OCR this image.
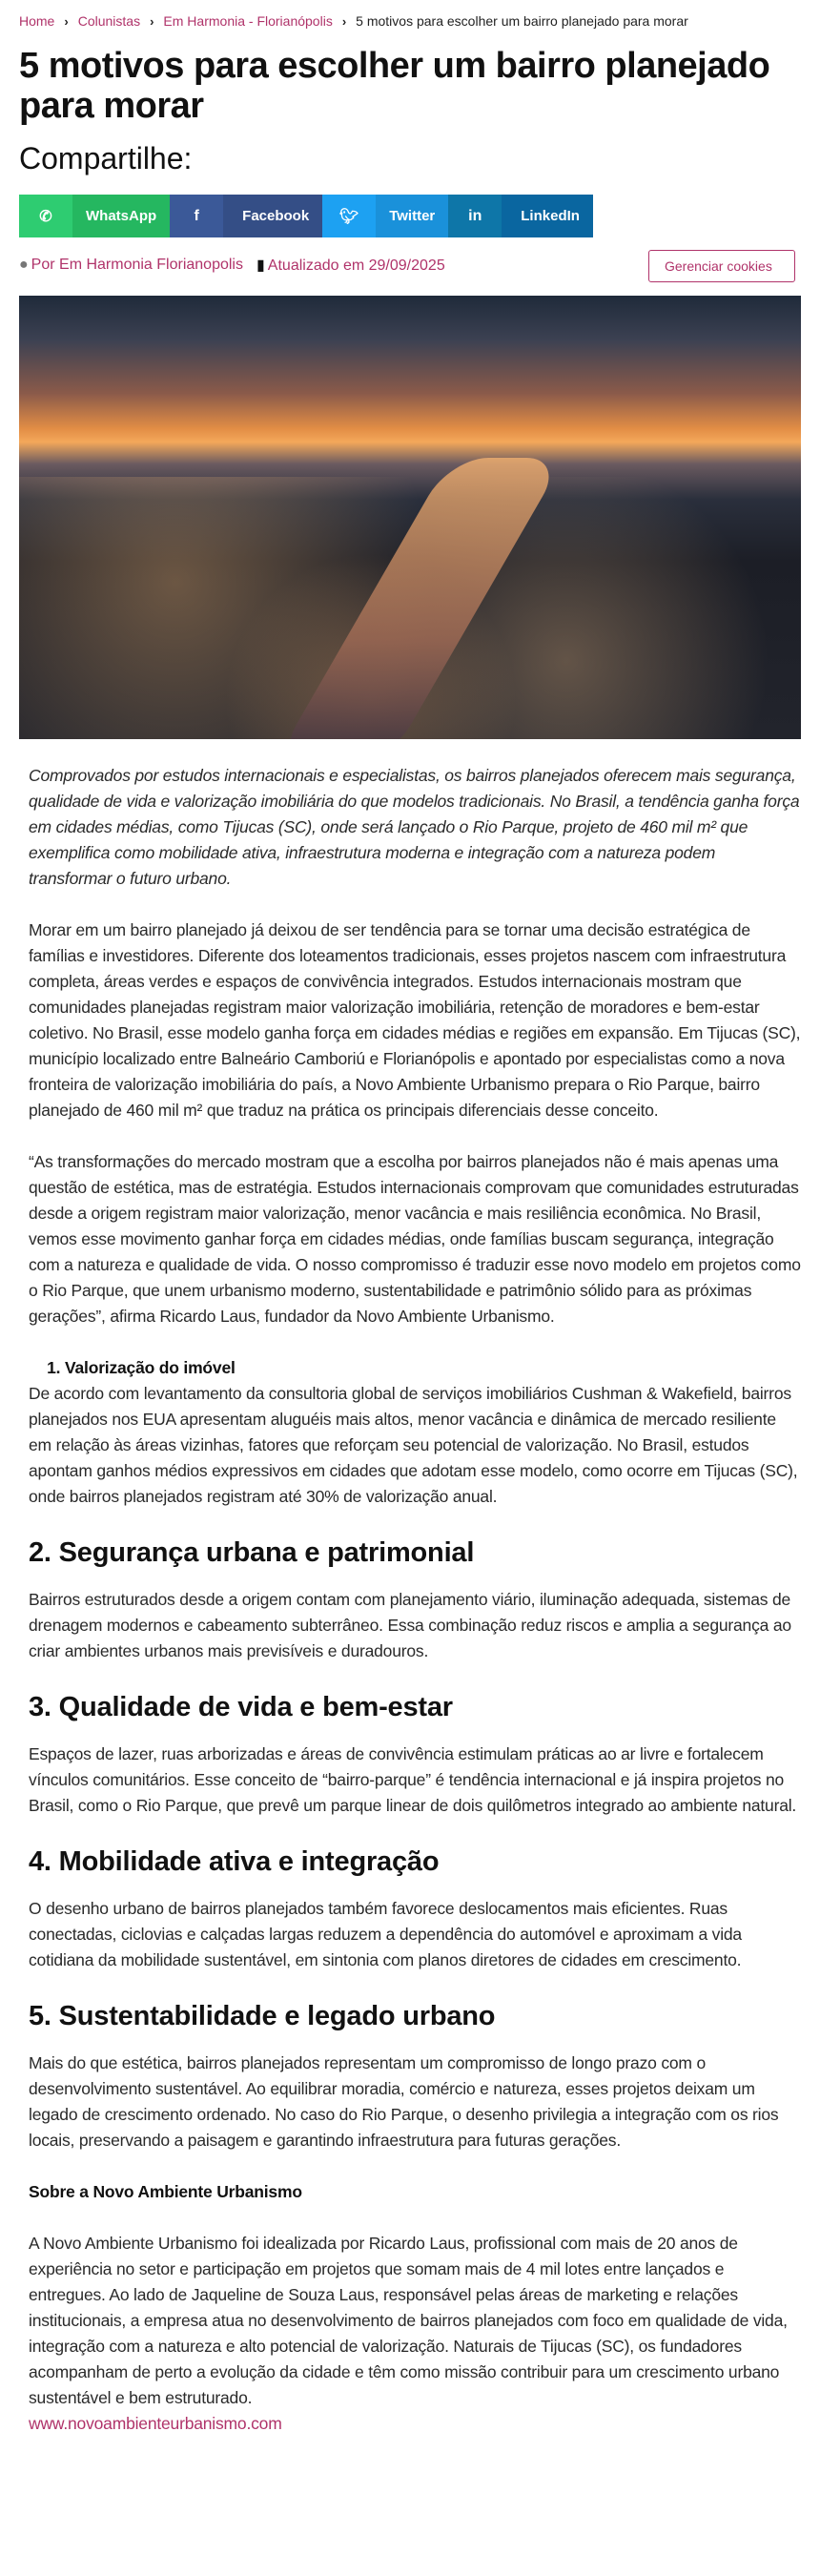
Home › Colunistas › Em Harmonia - Florianópolis › 5 motivos para escolher um bairro planejado para morar
5 motivos para escolher um bairro planejado para morar
Compartilhe:
✆	WhatsApp	f	Facebook	🐦︎	Twitter	in	LinkedIn
● Por Em Harmonia Florianopolis ▮ Atualizado em 29/09/2025	Gerenciar cookies

Comprovados por estudos internacionais e especialistas, os bairros planejados oferecem mais segurança, qualidade de vida e valorização imobiliária do que modelos tradicionais. No Brasil, a tendência ganha força em cidades médias, como Tijucas (SC), onde será lançado o Rio Parque, projeto de 460 mil m² que exemplifica como mobilidade ativa, infraestrutura moderna e integração com a natureza podem transformar o futuro urbano.

Morar em um bairro planejado já deixou de ser tendência para se tornar uma decisão estratégica de famílias e investidores. Diferente dos loteamentos tradicionais, esses projetos nascem com infraestrutura completa, áreas verdes e espaços de convivência integrados. Estudos internacionais mostram que comunidades planejadas registram maior valorização imobiliária, retenção de moradores e bem-estar coletivo. No Brasil, esse modelo ganha força em cidades médias e regiões em expansão. Em Tijucas (SC), município localizado entre Balneário Camboriú e Florianópolis e apontado por especialistas como a nova fronteira de valorização imobiliária do país, a Novo Ambiente Urbanismo prepara o Rio Parque, bairro planejado de 460 mil m² que traduz na prática os principais diferenciais desse conceito.

“As transformações do mercado mostram que a escolha por bairros planejados não é mais apenas uma questão de estética, mas de estratégia. Estudos internacionais comprovam que comunidades estruturadas desde a origem registram maior valorização, menor vacância e mais resiliência econômica. No Brasil, vemos esse movimento ganhar força em cidades médias, onde famílias buscam segurança, integração com a natureza e qualidade de vida. O nosso compromisso é traduzir esse novo modelo em projetos como o Rio Parque, que unem urbanismo moderno, sustentabilidade e patrimônio sólido para as próximas gerações”, afirma Ricardo Laus, fundador da Novo Ambiente Urbanismo.

1. Valorização do imóvel

De acordo com levantamento da consultoria global de serviços imobiliários Cushman & Wakefield, bairros planejados nos EUA apresentam aluguéis mais altos, menor vacância e dinâmica de mercado resiliente em relação às áreas vizinhas, fatores que reforçam seu potencial de valorização. No Brasil, estudos apontam ganhos médios expressivos em cidades que adotam esse modelo, como ocorre em Tijucas (SC), onde bairros planejados registram até 30% de valorização anual.

2. Segurança urbana e patrimonial

Bairros estruturados desde a origem contam com planejamento viário, iluminação adequada, sistemas de drenagem modernos e cabeamento subterrâneo. Essa combinação reduz riscos e amplia a segurança ao criar ambientes urbanos mais previsíveis e duradouros.

3. Qualidade de vida e bem-estar

Espaços de lazer, ruas arborizadas e áreas de convivência estimulam práticas ao ar livre e fortalecem vínculos comunitários. Esse conceito de “bairro-parque” é tendência internacional e já inspira projetos no Brasil, como o Rio Parque, que prevê um parque linear de dois quilômetros integrado ao ambiente natural.

4. Mobilidade ativa e integração

O desenho urbano de bairros planejados também favorece deslocamentos mais eficientes. Ruas conectadas, ciclovias e calçadas largas reduzem a dependência do automóvel e aproximam a vida cotidiana da mobilidade sustentável, em sintonia com planos diretores de cidades em crescimento.

5. Sustentabilidade e legado urbano

Mais do que estética, bairros planejados representam um compromisso de longo prazo com o desenvolvimento sustentável. Ao equilibrar moradia, comércio e natureza, esses projetos deixam um legado de crescimento ordenado. No caso do Rio Parque, o desenho privilegia a integração com os rios locais, preservando a paisagem e garantindo infraestrutura para futuras gerações.

Sobre a Novo Ambiente Urbanismo

A Novo Ambiente Urbanismo foi idealizada por Ricardo Laus, profissional com mais de 20 anos de experiência no setor e participação em projetos que somam mais de 4 mil lotes entre lançados e entregues. Ao lado de Jaqueline de Souza Laus, responsável pelas áreas de marketing e relações institucionais, a empresa atua no desenvolvimento de bairros planejados com foco em qualidade de vida, integração com a natureza e alto potencial de valorização. Naturais de Tijucas (SC), os fundadores acompanham de perto a evolução da cidade e têm como missão contribuir para um crescimento urbano sustentável e bem estruturado.
www.novoambienteurbanismo.com
